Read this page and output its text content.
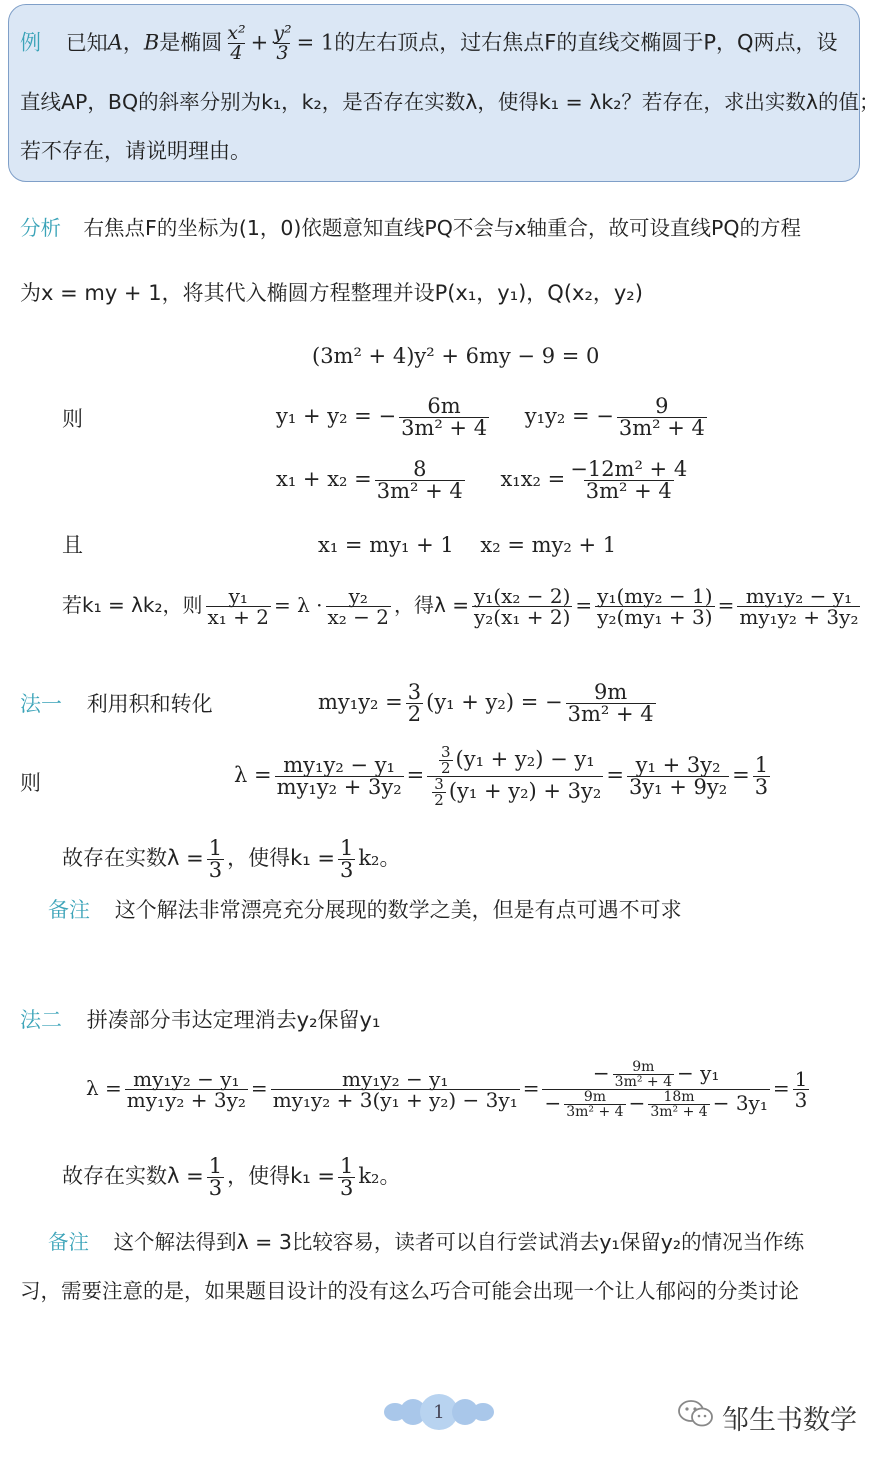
例 已知A，B是椭圆 $\frac{\text{x²}}{4} + \frac{\text{y²}}{3} = 1$的左右顶点，过右焦点F的直线交椭圆于P，Q两点，设
直线AP，BQ的斜率分别为k₁，k₂，是否存在实数λ，使得k₁ = λk₂？若存在，求出实数λ的值；
若不存在，请说明理由。
分析 右焦点F的坐标为(1，0)依题意知直线PQ不会与x轴重合，故可设直线PQ的方程
为x = my + 1，将其代入椭圆方程整理并设P(x₁，y₁)，Q(x₂，y₂)
(3m² + 4)y² + 6my − 9 = 0
则	y₁ + y₂ = − $\frac{6m}{\text{3m² + 4}} y_1y_2$ = − $\frac{9}{\text{3m² + 4}}$
$x_1 + x_2 = \frac{8}{\text{3m² + 4}} x_1x_2 = \frac{\text{−12m² + 4}}{\text{3m² + 4}}$
且	x₁ = my₁ + 1    x₂ = my₂ + 1
若k₁ = λk₂，则 $\frac{\text{y₁}}{\text{x₁ + 2}} = \lambda \cdot \frac{\text{y₂}}{\text{x₂ − 2}}$ ，得$\lambda = \frac{\text{y₁(x₂ − 2)}}{\text{y₂(x₁ + 2)}} = \frac{\text{y₁(my₂ − 1)}}{\text{y₂(my₁ + 3)}} = \frac{\text{my₁y₂ − y₁}}{\text{my₁y₂ + 3y₂}}$
法一 利用积和转化	$my_1y_2 = \frac{3}{2} (y_1 + y_2)$ = − $\frac{9m}{\text{3m² + 4}}$
则	$\lambda = \frac{\text{my₁y₂ − y₁}}{\text{my₁y₂ + 3y₂}} = \frac{\frac{3}{2} (y_1 + y_2) - y_1}{\frac{3}{2} (y_1 + y_2) + 3y_2} = \frac{\text{y₁ + 3y₂}}{\text{3y₁ + 9y₂}} = \frac{1}{3}$
故存在实数$\lambda = \frac{1}{3}$ ，使得$k_1 = \frac{1}{3} k_2$。
备注 这个解法非常漂亮充分展现的数学之美，但是有点可遇不可求
法二 拼凑部分韦达定理消去y₂保留y₁
$\lambda = \frac{\text{my₁y₂ − y₁}}{\text{my₁y₂ + 3y₂}} = \frac{\text{my₁y₂ − y₁}}{\text{my₁y₂ + 3(y₁ + y₂) − 3y₁}} = \frac{- \frac{9m}{\text{3m² + 4}} - y_1}{- \frac{9m}{\text{3m² + 4}} - \frac{18m}{\text{3m² + 4}} - 3y_1} = \frac{1}{3}$
故存在实数$\lambda = \frac{1}{3}$ ，使得$k_1 = \frac{1}{3} k_2$。
备注 这个解法得到λ = 3比较容易，读者可以自行尝试消去y₁保留y₂的情况当作练
习，需要注意的是，如果题目设计的没有这么巧合可能会出现一个让人郁闷的分类讨论
1	邹生书数学
